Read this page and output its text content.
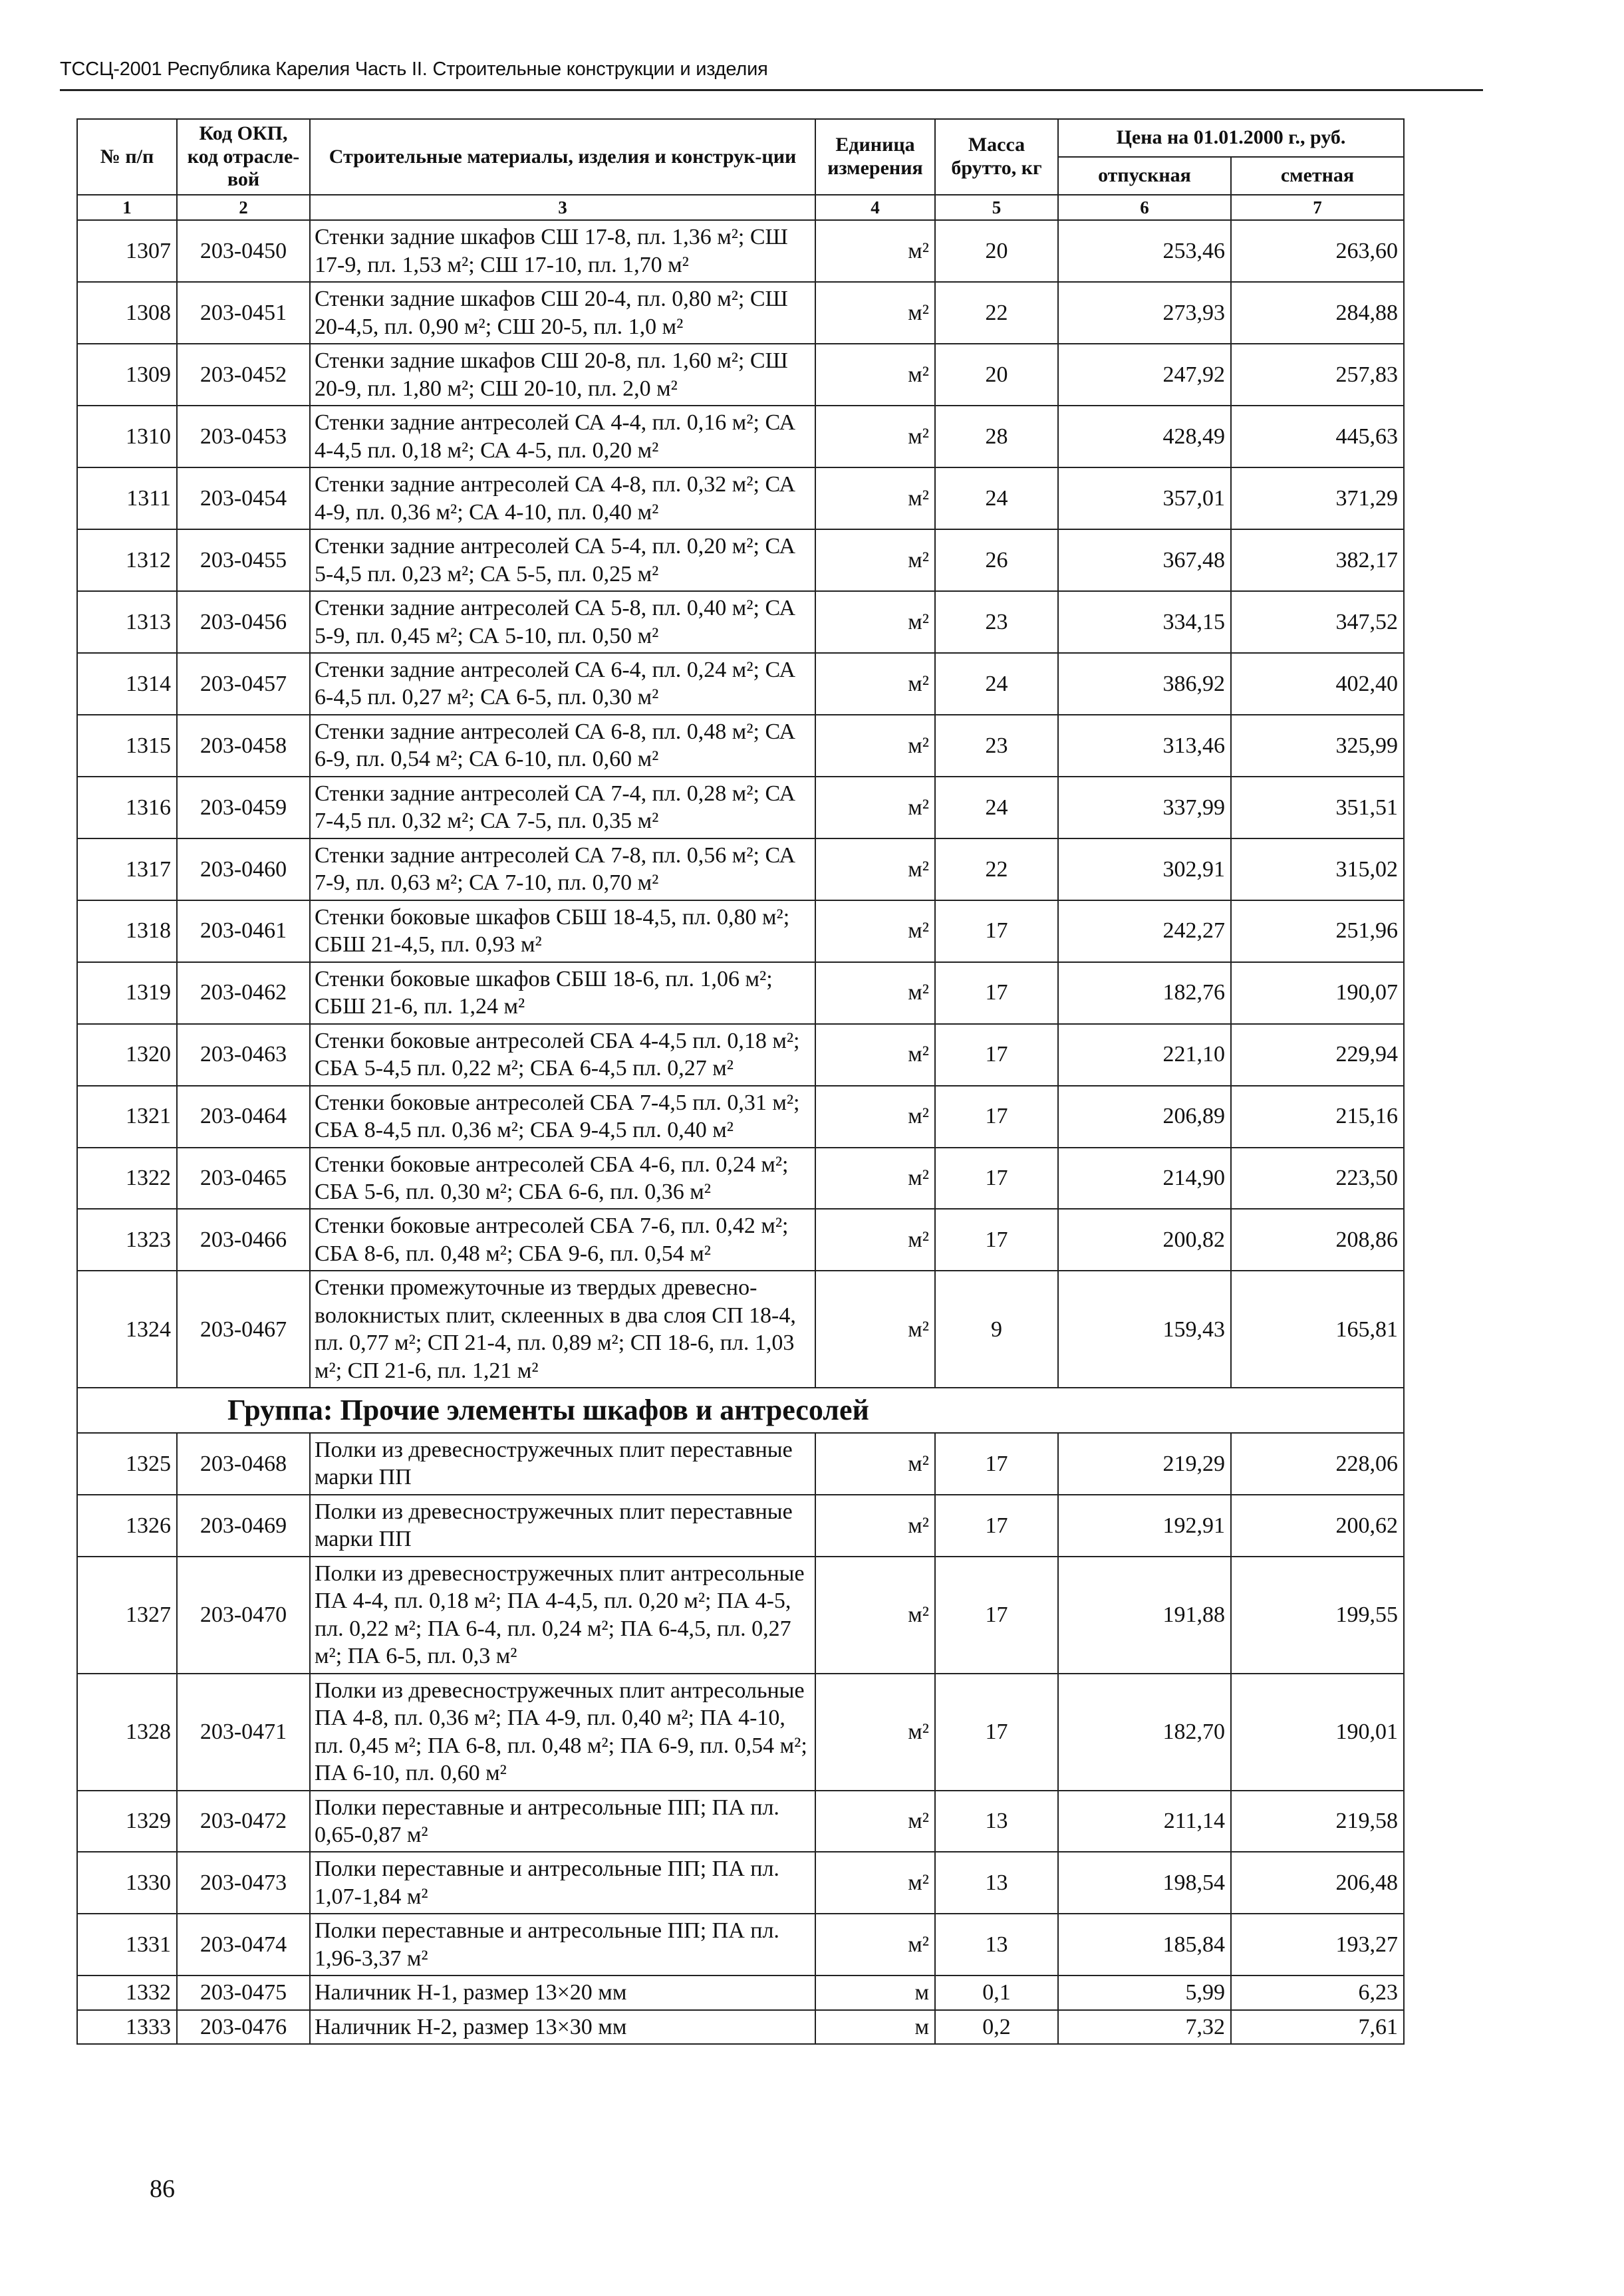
ТССЦ-2001 Республика Карелия Часть II. Строительные конструкции и изделия
№ п/п	Код ОКП, код отрасле-вой	Строительные материалы, изделия и конструк-ции	Единица измерения	Масса брутто, кг	Цена на 01.01.2000 г., руб.	
					отпускная	сметная
1	2	3	4	5	6	7
1307	203-0450	Стенки задние шкафов СШ 17-8, пл. 1,36 м²; СШ 17-9, пл. 1,53 м²; СШ 17-10, пл. 1,70 м²	м²	20	253,46	263,60
1308	203-0451	Стенки задние шкафов СШ 20-4, пл. 0,80 м²; СШ 20-4,5, пл. 0,90 м²; СШ 20-5, пл. 1,0 м²	м²	22	273,93	284,88
1309	203-0452	Стенки задние шкафов СШ 20-8, пл. 1,60 м²; СШ 20-9, пл. 1,80 м²; СШ 20-10, пл. 2,0 м²	м²	20	247,92	257,83
1310	203-0453	Стенки задние антресолей СА 4-4, пл. 0,16 м²; СА 4-4,5 пл. 0,18 м²; СА 4-5, пл. 0,20 м²	м²	28	428,49	445,63
1311	203-0454	Стенки задние антресолей СА 4-8, пл. 0,32 м²; СА 4-9, пл. 0,36 м²; СА 4-10, пл. 0,40 м²	м²	24	357,01	371,29
1312	203-0455	Стенки задние антресолей СА 5-4, пл. 0,20 м²; СА 5-4,5 пл. 0,23 м²; СА 5-5, пл. 0,25 м²	м²	26	367,48	382,17
1313	203-0456	Стенки задние антресолей СА 5-8, пл. 0,40 м²; СА 5-9, пл. 0,45 м²; СА 5-10, пл. 0,50 м²	м²	23	334,15	347,52
1314	203-0457	Стенки задние антресолей СА 6-4, пл. 0,24 м²; СА 6-4,5 пл. 0,27 м²; СА 6-5, пл. 0,30 м²	м²	24	386,92	402,40
1315	203-0458	Стенки задние антресолей СА 6-8, пл. 0,48 м²; СА 6-9, пл. 0,54 м²; СА 6-10, пл. 0,60 м²	м²	23	313,46	325,99
1316	203-0459	Стенки задние антресолей СА 7-4, пл. 0,28 м²; СА 7-4,5 пл. 0,32 м²; СА 7-5, пл. 0,35 м²	м²	24	337,99	351,51
1317	203-0460	Стенки задние антресолей СА 7-8, пл. 0,56 м²; СА 7-9, пл. 0,63 м²; СА 7-10, пл. 0,70 м²	м²	22	302,91	315,02
1318	203-0461	Стенки боковые шкафов СБШ 18-4,5, пл. 0,80 м²; СБШ 21-4,5, пл. 0,93 м²	м²	17	242,27	251,96
1319	203-0462	Стенки боковые шкафов СБШ 18-6, пл. 1,06 м²; СБШ 21-6, пл. 1,24 м²	м²	17	182,76	190,07
1320	203-0463	Стенки боковые антресолей СБА 4-4,5 пл. 0,18 м²; СБА 5-4,5 пл. 0,22 м²; СБА 6-4,5 пл. 0,27 м²	м²	17	221,10	229,94
1321	203-0464	Стенки боковые антресолей СБА 7-4,5 пл. 0,31 м²; СБА 8-4,5 пл. 0,36 м²; СБА 9-4,5 пл. 0,40 м²	м²	17	206,89	215,16
1322	203-0465	Стенки боковые антресолей СБА 4-6, пл. 0,24 м²; СБА 5-6, пл. 0,30 м²; СБА 6-6, пл. 0,36 м²	м²	17	214,90	223,50
1323	203-0466	Стенки боковые антресолей СБА 7-6, пл. 0,42 м²; СБА 8-6, пл. 0,48 м²; СБА 9-6, пл. 0,54 м²	м²	17	200,82	208,86
1324	203-0467	Стенки промежуточные из твердых древесно-волокнистых плит, склеенных в два слоя СП 18-4, пл. 0,77 м²; СП 21-4, пл. 0,89 м²; СП 18-6, пл. 1,03 м²; СП 21-6, пл. 1,21 м²	м²	9	159,43	165,81

Группа: Прочие элементы шкафов и антресолей						

1325	203-0468	Полки из древесностружечных плит переставные марки ПП	м²	17	219,29	228,06
1326	203-0469	Полки из древесностружечных плит переставные марки ПП	м²	17	192,91	200,62
1327	203-0470	Полки из древесностружечных плит антресольные ПА 4-4, пл. 0,18 м²; ПА 4-4,5, пл. 0,20 м²; ПА 4-5, пл. 0,22 м²; ПА 6-4, пл. 0,24 м²; ПА 6-4,5, пл. 0,27 м²; ПА 6-5, пл. 0,3 м²	м²	17	191,88	199,55
1328	203-0471	Полки из древесностружечных плит антресольные ПА 4-8, пл. 0,36 м²; ПА 4-9, пл. 0,40 м²; ПА 4-10, пл. 0,45 м²; ПА 6-8, пл. 0,48 м²; ПА 6-9, пл. 0,54 м²; ПА 6-10, пл. 0,60 м²	м²	17	182,70	190,01
1329	203-0472	Полки переставные и антресольные ПП; ПА пл. 0,65-0,87 м²	м²	13	211,14	219,58
1330	203-0473	Полки переставные и антресольные ПП; ПА пл. 1,07-1,84 м²	м²	13	198,54	206,48
1331	203-0474	Полки переставные и антресольные ПП; ПА пл. 1,96-3,37 м²	м²	13	185,84	193,27
1332	203-0475	Наличник Н-1, размер 13×20 мм	м	0,1	5,99	6,23
1333	203-0476	Наличник Н-2, размер 13×30 мм	м	0,2	7,32	7,61
86
